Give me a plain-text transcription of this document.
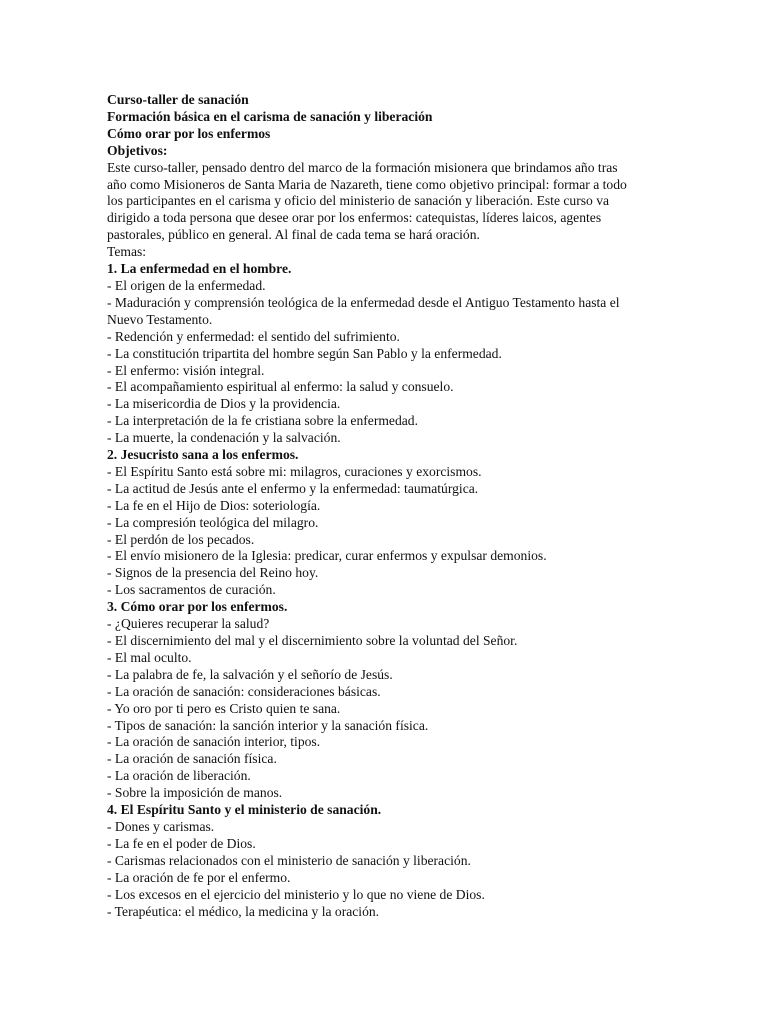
Curso-taller de sanación
Formación básica en el carisma de sanación y liberación
Cómo orar por los enfermos
Objetivos:
Este curso-taller, pensado dentro del marco de la formación misionera que brindamos año tras
año como Misioneros de Santa Maria de Nazareth, tiene como objetivo principal: formar a todo
los participantes en el carisma y oficio del ministerio de sanación y liberación. Este curso va
dirigido a toda persona que desee orar por los enfermos: catequistas, líderes laicos, agentes
pastorales, público en general. Al final de cada tema se hará oración.
Temas:
1. La enfermedad en el hombre.
- El origen de la enfermedad.
- Maduración y comprensión teológica de la enfermedad desde el Antiguo Testamento hasta el
Nuevo Testamento.
- Redención y enfermedad: el sentido del sufrimiento.
- La constitución tripartita del hombre según San Pablo y la enfermedad.
- El enfermo: visión integral.
- El acompañamiento espiritual al enfermo: la salud y consuelo.
- La misericordia de Dios y la providencia.
- La interpretación de la fe cristiana sobre la enfermedad.
- La muerte, la condenación y la salvación.
2. Jesucristo sana a los enfermos.
- El Espíritu Santo está sobre mi: milagros, curaciones y exorcismos.
- La actitud de Jesús ante el enfermo y la enfermedad: taumatúrgica.
- La fe en el Hijo de Dios: soteriología.
- La compresión teológica del milagro.
- El perdón de los pecados.
- El envío misionero de la Iglesia: predicar, curar enfermos y expulsar demonios.
- Signos de la presencia del Reino hoy.
- Los sacramentos de curación.
3. Cómo orar por los enfermos.
- ¿Quieres recuperar la salud?
- El discernimiento del mal y el discernimiento sobre la voluntad del Señor.
- El mal oculto.
- La palabra de fe, la salvación y el señorío de Jesús.
- La oración de sanación: consideraciones básicas.
- Yo oro por ti pero es Cristo quien te sana.
- Tipos de sanación: la sanción interior y la sanación física.
- La oración de sanación interior, tipos.
- La oración de sanación física.
- La oración de liberación.
- Sobre la imposición de manos.
4. El Espíritu Santo y el ministerio de sanación.
- Dones y carismas.
- La fe en el poder de Dios.
- Carismas relacionados con el ministerio de sanación y liberación.
- La oración de fe por el enfermo.
- Los excesos en el ejercicio del ministerio y lo que no viene de Dios.
- Terapéutica: el médico, la medicina y la oración.
